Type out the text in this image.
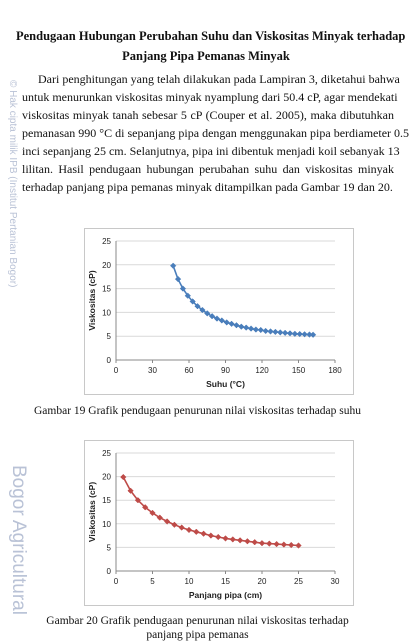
© Hak cipta milik IPB (Institut Pertanian Bogor)
Bogor Agricultural
Pendugaan Hubungan Perubahan Suhu dan Viskositas Minyak terhadap
Panjang Pipa Pemanas Minyak
Dari penghitungan yang telah dilakukan pada Lampiran 3, diketahui bahwa
untuk menurunkan viskositas minyak nyamplung dari 50.4 cP, agar mendekati
viskositas minyak tanah sebesar 5 cP (Couper et al. 2005), maka dibutuhkan
pemanasan 990 °C di sepanjang pipa dengan menggunakan pipa berdiameter 0.5
inci sepanjang 25 cm. Selanjutnya, pipa ini dibentuk menjadi koil sebanyak 13
lilitan. Hasil pendugaan hubungan perubahan suhu dan viskositas minyak
terhadap panjang pipa pemanas minyak ditampilkan pada Gambar 19 dan 20.
0
5
10
15
20
25
0	30	60	90	120	150	180
Suhu (°C)
Viskositas (cP)
Gambar 19 Grafik pendugaan penurunan nilai viskositas terhadap suhu
0
5
10
15
20
25
0	5	10	15	20	25	30
Panjang pipa (cm)
Viskositas (cP)
Gambar 20 Grafik pendugaan penurunan nilai viskositas terhadap
panjang pipa pemanas
